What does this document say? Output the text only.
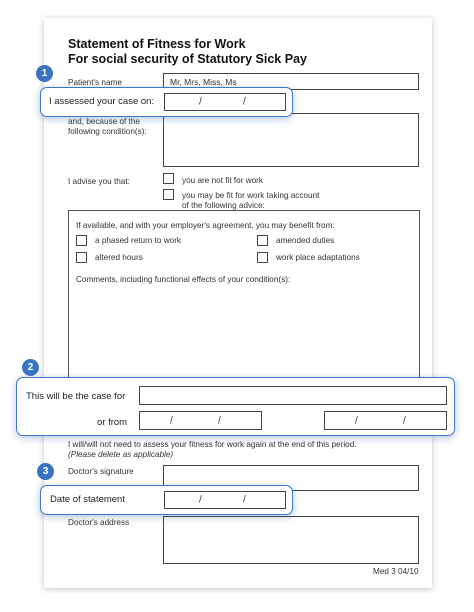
Statement of Fitness for Work
For social security of Statutory Sick Pay
Patient's name	Mr, Mrs, Miss, Ms
and, because of the
following condition(s):
I advise you that:	you are not fit for work
you may be fit for work taking account
of the following advice:
If available, and with your employer's agreement, you may benefit from:
a phased return to work	amended duties
altered hours	work place adaptations
Comments, including functional effects of your condition(s):
I will/will not need to assess your fitness for work again at the end of this period.
(Please delete as applicable)
Doctor's signature
Doctor's address
Med 3 04/10
I assessed your case on:	/	/
1
This will be the case for
or from	/	/	/	/
2
Date of statement	/	/
3
